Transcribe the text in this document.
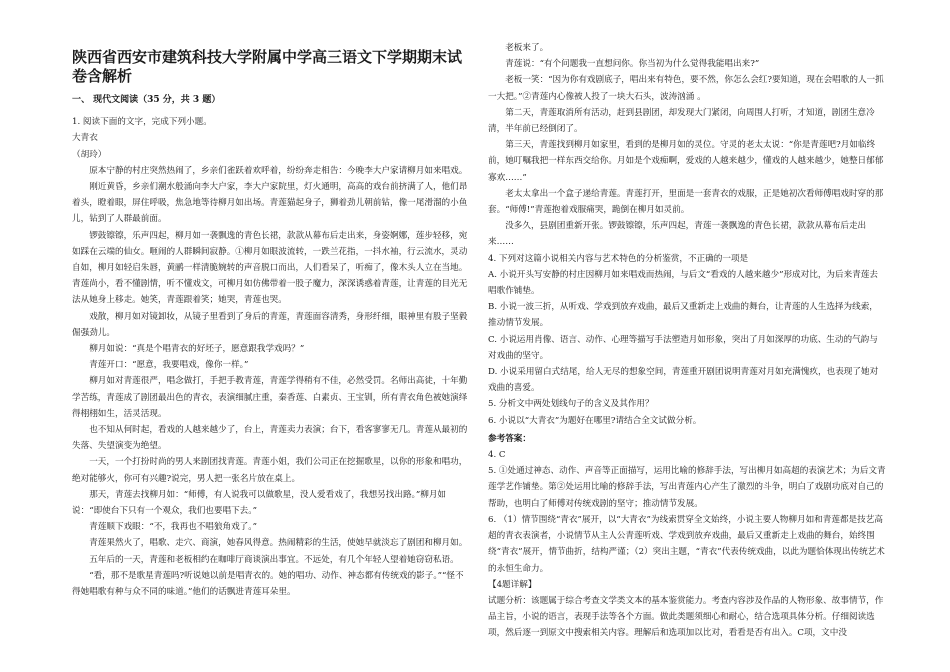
陕西省西安市建筑科技大学附属中学高三语文下学期期末试卷含解析
一、 现代文阅读（35 分，共 3 题）

1. 阅读下面的文字，完成下列小题。

大青衣

（胡玲）

原本宁静的村庄突然热闹了，乡亲们雀跃着欢呼着，纷纷奔走相告：今晚李大户家请柳月如来唱戏。

刚近黄昏，乡亲们潮水般涌向李大户家，李大户家院里，灯火通明，高高的戏台前挤满了人，他们昂着头，瞪着眼，屏住呼吸，焦急地等待柳月如出场。青莲猫起身子，狮着劲儿朝前钻，像一尾滑溜的小鱼儿，钻到了人群最前面。

锣鼓镲镲，乐声四起，柳月如一袭飘逸的青色长裙，款款从幕布后走出来，身姿婀娜，莲步轻移，宛如踩在云端的仙女。咂闹的人群瞬间寂静。①柳月如眼波流转，一跌兰花指，一抖水袖，行云流水，灵动自如，柳月如轻启朱唇，黄鹂一样清脆婉转的声音脱口而出，人们看呆了，听痴了，像木头人立在当地。青莲尚小，看不懂剧情，听不懂戏文，可柳月如仿佛带着一股子魔力，深深诱惑着青莲，让青莲的目光无法从她身上移走。她笑，青莲跟着笑；她哭，青莲也哭。

戏散，柳月如对镜卸妆，从镜子里看到了身后的青莲，青莲面容清秀，身形纤细，眼神里有股子坚毅倔强劲儿。

柳月如说：“真是个唱青衣的好坯子，愿意跟我学戏吗？”

青莲开口：“愿意，我要唱戏，像你一样。”

柳月如对青莲很严，唱念做打，手把手教青莲，青莲学得稍有不佳，必然受罚。名师出高徒，十年勤学苦练，青莲成了剧团最出色的青衣，表演细腻庄重，秦香莲、白素贞、王宝钏，所有青衣角色被她演绎得栩栩如生，活灵活现。

也不知从何时起，看戏的人越来越少了，台上，青莲卖力表演；台下，看客寥寥无几。青莲从最初的失落、失望演变为绝望。

一天，一个打扮时尚的男人来剧团找青莲。青莲小姐，我们公司正在挖掘歌星，以你的形象和唱功，绝对能够火，你可有兴趣?说完，男人把一张名片放在桌上。

那天，青莲去找柳月如：“师傅，有人说我可以做歌星，没人爱看戏了，我想另找出路。”柳月如说：“即使台下只有一个观众，我们也要唱下去。”

青莲顺下戏眼：“不，我再也不唱狼角戏了。”

青莲果然火了，唱歌、走穴、商演，她春风得意。热闹精彩的生活，使她早就淡忘了剧团和柳月如。

五年后的一天，青莲和老板相约在咖啡厅商谈演出事宜。不远处，有几个年轻人望着她窃窃私语。

“看，那不是歌星青莲吗?听说她以前是唱青衣的。她的唱功、动作、神态都有传统戏的影子。”“怪不得她唱歌有种与众不同的味道。”他们的话飘进青莲耳朵里。

老板来了。

青莲说：“有个问题我一直想问你。你当初为什么觉得我能唱出来?”

老板一笑：“因为你有戏剧底子，唱出来有特色，要不然，你怎么会红?要知道，现在会唱歌的人一抓一大把。”②青莲内心像被人投了一块大石头，波涛汹涌 。

第二天，青莲取消所有活动，赶到县剧团，却发现大门紧闭，向周围人打听，才知道，剧团生意冷清，半年前已经倒闭了。

第三天，青莲找到柳月如家里，看到的是柳月如的灵位。守灵的老太太说：“你是青莲吧?月如临终前，她叮嘱我把一样东西交给你。月如是个戏痴啊，爱戏的人越来越少，懂戏的人越来越少，她整日郁郁寡欢……”

老太太拿出一个盒子递给青莲。青莲打开，里面是一套青衣的戏服，正是她初次看师傅唱戏时穿的那套。“师傅!”青莲抱着戏服痛哭，跪倒在柳月如灵前。

没多久，县剧团重新开张。锣鼓镲镲，乐声四起，青莲一袭飘逸的青色长裙，款款从幕布后走出来……

4. 下列对这篇小说相关内容与艺术特色的分析鉴赏，不正确的一项是

A. 小说开头写安静的村庄因柳月如来唱戏而热闹，与后文“看戏的人越来越少”形成对比，为后来青莲去唱歌作铺垫。

B. 小说一波三折，从听戏、学戏到放弃戏曲，最后又重新走上戏曲的舞台，让青莲的人生选择为线索，推动情节发展。

C. 小说运用肖像、语言、动作、心理等描写手法塑造月如形象，突出了月如深厚的功底、生动的气韵与对戏曲的坚守。

D. 小说采用留白式结尾，给人无尽的想象空间，青莲重开剧团说明青莲对月如充满愧疚，也表现了她对戏曲的喜爱。

5. 分析文中两处划线句子的含义及其作用？

6. 小说以“大青衣”为题好在哪里?请结合全文试做分析。

参考答案：

4. C

5. ①处通过神态、动作、声音等正面描写，运用比喻的修辞手法，写出柳月如高超的表演艺术；为后文青莲学艺作铺垫。第②处运用比喻的修辞手法，写出青莲内心产生了激烈的斗争，明白了戏剧功底对自己的帮助，也明白了师傅对传统戏剧的坚守；推动情节发展。

6. （1）情节围绕“青衣”展开，以“大青衣”为线索贯穿全文始终，小说主要人物柳月如和青莲都是技艺高超的青衣表演者，小说情节从主人公青莲听戏、学戏到放弃戏曲，最后又重新走上戏曲的舞台，始终围绕“青衣”展开，情节曲折，结构严谨；（2）突出主题，“青衣”代表传统戏曲，以此为题恰体现出传统艺术的永恒生命力。

【4题详解】

试题分析：该题属于综合考查文学类文本的基本鉴赏能力。考查内容涉及作品的人物形象、故事情节，作品主旨，小说的语言，表现手法等各个方面。做此类题须细心和耐心，结合选项具体分析。仔细阅读选项，然后逐一到原文中搜索相关内容。理解后和选项加以比对，看看是否有出入。C项，文中没
